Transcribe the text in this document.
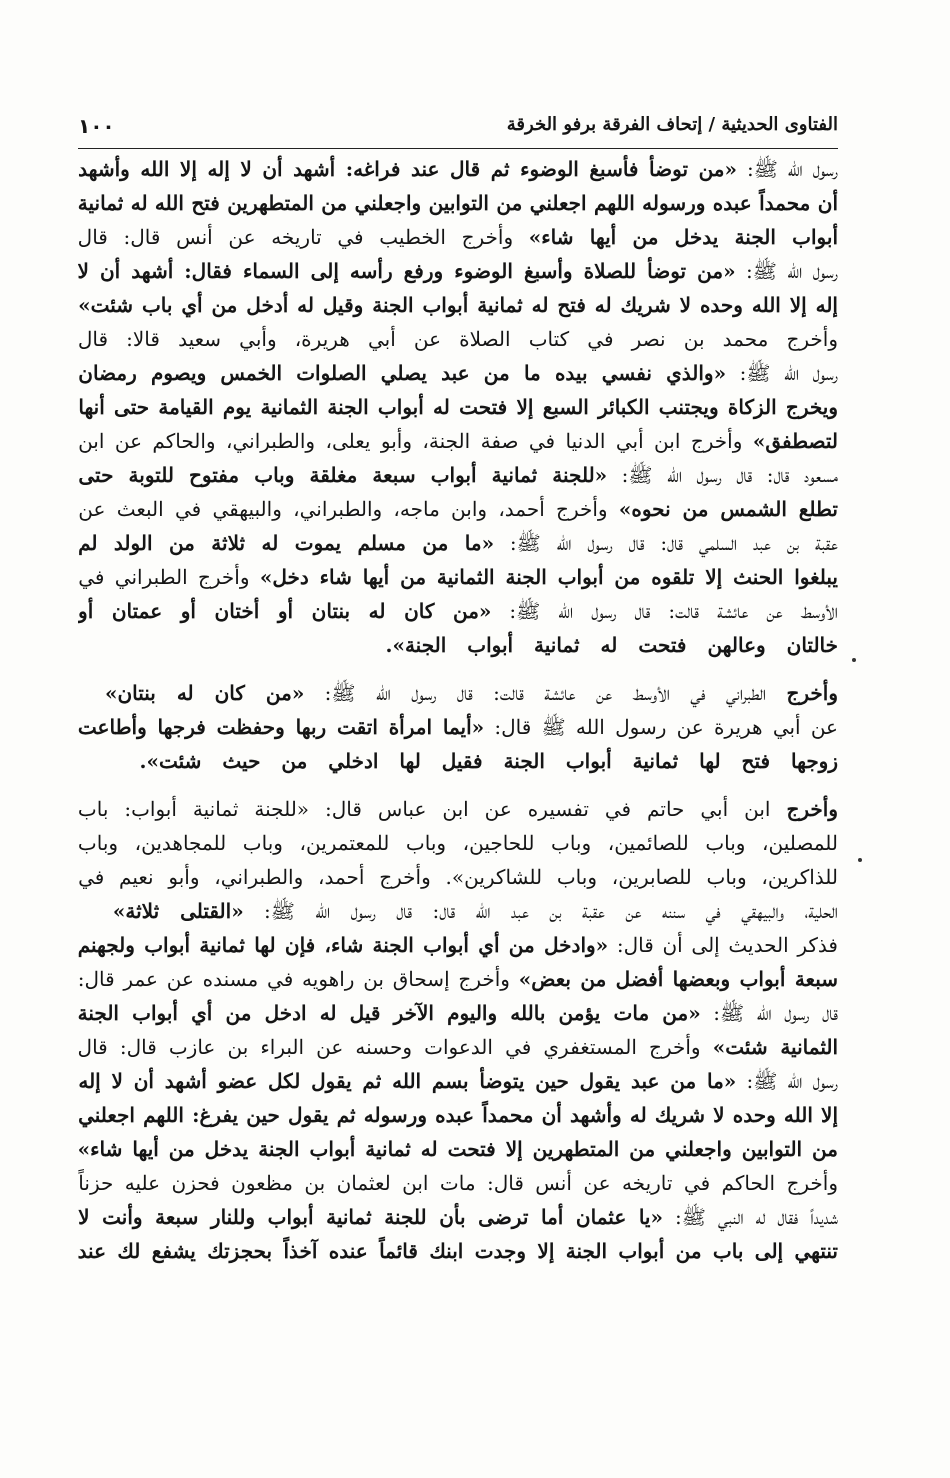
١٠٠	الفتاوى الحديثية / إتحاف الفرقة برفو الخرقة
رسول الله ﷺ: «من توضأ فأسبغ الوضوء ثم قال عند فراغه: أشهد أن لا إله إلا الله وأشهد
أن محمداً عبده ورسوله اللهم اجعلني من التوابين واجعلني من المتطهرين فتح الله له ثمانية
أبواب الجنة يدخل من أيها شاء» وأخرج الخطيب في تاريخه عن أنس قال: قال
رسول الله ﷺ: «من توضأ للصلاة وأسبغ الوضوء ورفع رأسه إلى السماء فقال: أشهد أن لا
إله إلا الله وحده لا شريك له فتح له ثمانية أبواب الجنة وقيل له أدخل من أي باب شئت»
وأخرج محمد بن نصر في كتاب الصلاة عن أبي هريرة، وأبي سعيد قالا: قال
رسول الله ﷺ: «والذي نفسي بيده ما من عبد يصلي الصلوات الخمس ويصوم رمضان
ويخرج الزكاة ويجتنب الكبائر السبع إلا فتحت له أبواب الجنة الثمانية يوم القيامة حتى أنها
لتصطفق» وأخرج ابن أبي الدنيا في صفة الجنة، وأبو يعلى، والطبراني، والحاكم عن ابن
مسعود قال: قال رسول الله ﷺ: «للجنة ثمانية أبواب سبعة مغلقة وباب مفتوح للتوبة حتى
تطلع الشمس من نحوه» وأخرج أحمد، وابن ماجه، والطبراني، والبيهقي في البعث عن
عقبة بن عبد السلمي قال: قال رسول الله ﷺ: «ما من مسلم يموت له ثلاثة من الولد لم
يبلغوا الحنث إلا تلقوه من أبواب الجنة الثمانية من أيها شاء دخل» وأخرج الطبراني في
الأوسط عن عائشة قالت: قال رسول الله ﷺ: «من كان له بنتان أو أختان أو عمتان أو
خالتان وعالهن فتحت له ثمانية أبواب الجنة».
وأخرج الطبراني في الأوسط عن عائشة قالت: قال رسول الله ﷺ: «من كان له بنتان»
عن أبي هريرة عن رسول الله ﷺ قال: «أيما امرأة اتقت ربها وحفظت فرجها وأطاعت
زوجها فتح لها ثمانية أبواب الجنة فقيل لها ادخلي من حيث شئت».
وأخرج ابن أبي حاتم في تفسيره عن ابن عباس قال: «للجنة ثمانية أبواب: باب
للمصلين، وباب للصائمين، وباب للحاجين، وباب للمعتمرين، وباب للمجاهدين، وباب
للذاكرين، وباب للصابرين، وباب للشاكرين». وأخرج أحمد، والطبراني، وأبو نعيم في
الحلية، والبيهقي في سننه عن عقبة بن عبد الله قال: قال رسول الله ﷺ: «القتلى ثلاثة»
فذكر الحديث إلى أن قال: «وادخل من أي أبواب الجنة شاء، فإن لها ثمانية أبواب ولجهنم
سبعة أبواب وبعضها أفضل من بعض» وأخرج إسحاق بن راهويه في مسنده عن عمر قال:
قال رسول الله ﷺ: «من مات يؤمن بالله واليوم الآخر قيل له ادخل من أي أبواب الجنة
الثمانية شئت» وأخرج المستغفري في الدعوات وحسنه عن البراء بن عازب قال: قال
رسول الله ﷺ: «ما من عبد يقول حين يتوضأ بسم الله ثم يقول لكل عضو أشهد أن لا إله
إلا الله وحده لا شريك له وأشهد أن محمداً عبده ورسوله ثم يقول حين يفرغ: اللهم اجعلني
من التوابين واجعلني من المتطهرين إلا فتحت له ثمانية أبواب الجنة يدخل من أيها شاء»
وأخرج الحاكم في تاريخه عن أنس قال: مات ابن لعثمان بن مظعون فحزن عليه حزناً
شديداً فقال له النبي ﷺ: «يا عثمان أما ترضى بأن للجنة ثمانية أبواب وللنار سبعة وأنت لا
تنتهي إلى باب من أبواب الجنة إلا وجدت ابنك قائماً عنده آخذاً بحجزتك يشفع لك عند
